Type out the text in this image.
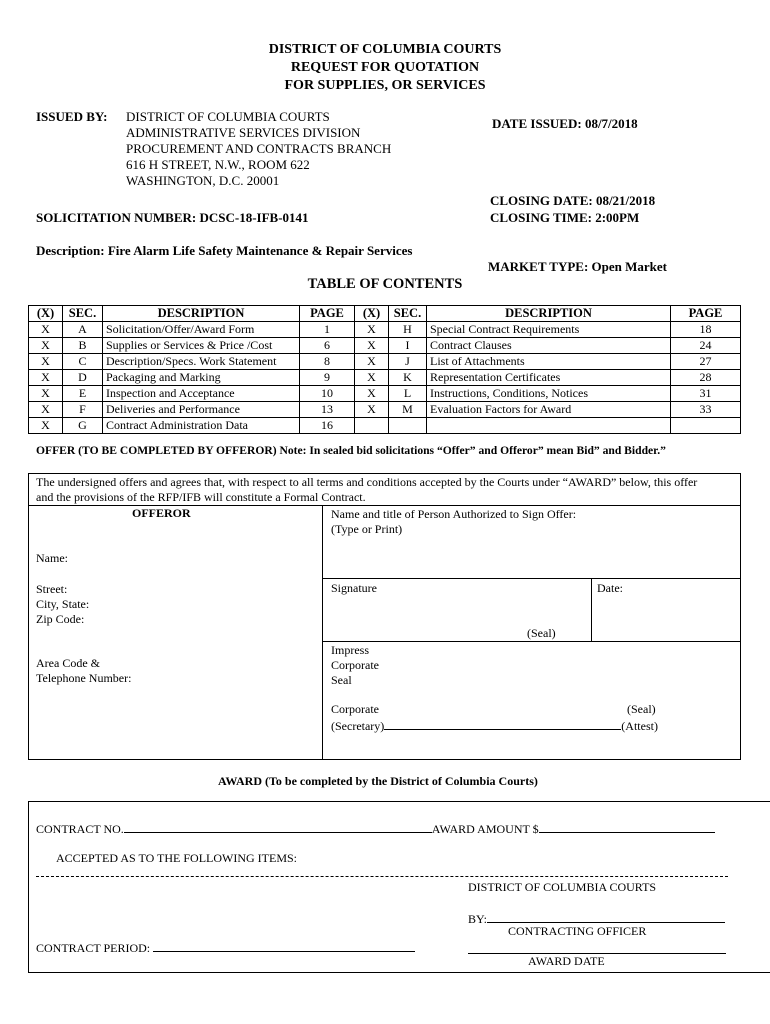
DISTRICT OF COLUMBIA COURTS
REQUEST FOR QUOTATION
FOR SUPPLIES, OR SERVICES
ISSUED BY: DISTRICT OF COLUMBIA COURTS
ADMINISTRATIVE SERVICES DIVISION
PROCUREMENT AND CONTRACTS BRANCH
616 H STREET, N.W., ROOM 622
WASHINGTON, D.C. 20001
DATE ISSUED: 08/7/2018
CLOSING DATE: 08/21/2018
CLOSING TIME: 2:00PM
SOLICITATION NUMBER: DCSC-18-IFB-0141
Description: Fire Alarm Life Safety Maintenance & Repair Services
MARKET TYPE: Open Market
TABLE OF CONTENTS
(X)	SEC.	DESCRIPTION	PAGE	(X)	SEC.	DESCRIPTION	PAGE
X	A	Solicitation/Offer/Award Form	1	X	H	Special Contract Requirements	18
X	B	Supplies or Services & Price /Cost	6	X	I	Contract Clauses	24
X	C	Description/Specs. Work Statement	8	X	J	List of Attachments	27
X	D	Packaging and Marking	9	X	K	Representation Certificates	28
X	E	Inspection and Acceptance	10	X	L	Instructions, Conditions, Notices	31
X	F	Deliveries and Performance	13	X	M	Evaluation Factors for Award	33
X	G	Contract Administration Data	16				
OFFER (TO BE COMPLETED BY OFFEROR) Note: In sealed bid solicitations “Offer” and Offeror” mean Bid” and Bidder.”
The undersigned offers and agrees that, with respect to all terms and conditions accepted by the Courts under “AWARD” below, this offer
and the provisions of the RFP/IFB will constitute a Formal Contract.
OFFEROR
Name:
Street:
City, State:
Zip Code:
Area Code &
Telephone Number:
Name and title of Person Authorized to Sign Offer:
(Type or Print)
Signature	Date:
(Seal)
Impress
Corporate
Seal
Corporate	(Seal)
(Secretary)	(Attest)
AWARD (To be completed by the District of Columbia Courts)
CONTRACT NO.	AWARD AMOUNT $
ACCEPTED AS TO THE FOLLOWING ITEMS:
DISTRICT OF COLUMBIA COURTS
BY:
CONTRACTING OFFICER
CONTRACT PERIOD:
AWARD DATE
